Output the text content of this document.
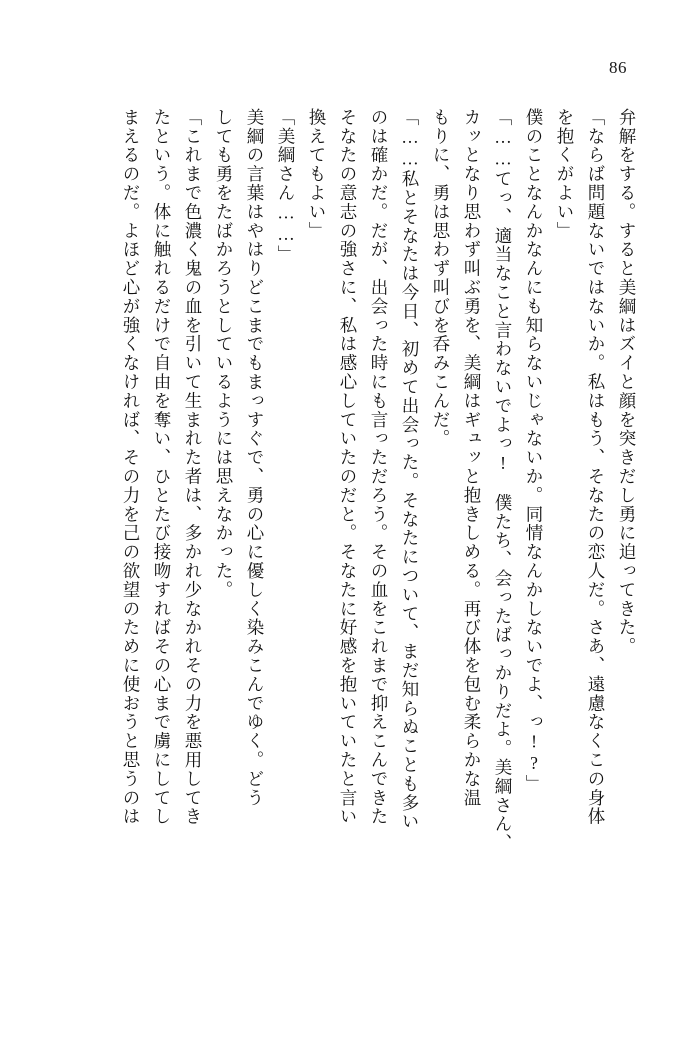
86
弁解をする。すると美綱はズイと顔を突きだし勇に迫ってきた。
「ならば問題ないではないか。私はもう、そなたの恋人だ。さあ、遠慮なくこの身体
を抱くがよい」
僕のことなんかなんにも知らないじゃないか。同情なんかしないでよ、っ!?」
「……てっ、適当なこと言わないでよっ!　僕たち、会ったばっかりだよ。美綱さん、
カッとなり思わず叫ぶ勇を、美綱はギュッと抱きしめる。再び体を包む柔らかな温
もりに、勇は思わず叫びを呑みこんだ。
「……私とそなたは今日、初めて出会った。そなたについて、まだ知らぬことも多い
のは確かだ。だが、出会った時にも言っただろう。その血をこれまで抑えこんできた
そなたの意志の強さに、私は感心していたのだと。そなたに好感を抱いていたと言い
換えてもよい」
「美綱さん……」
美綱の言葉はやはりどこまでもまっすぐで、勇の心に優しく染みこんでゆく。どう
しても勇をたばかろうとしているようには思えなかった。
「これまで色濃く鬼の血を引いて生まれた者は、多かれ少なかれその力を悪用してき
たという。体に触れるだけで自由を奪い、ひとたび接吻すればその心まで虜にしてし
まえるのだ。よほど心が強くなければ、その力を己の欲望のために使おうと思うのは
